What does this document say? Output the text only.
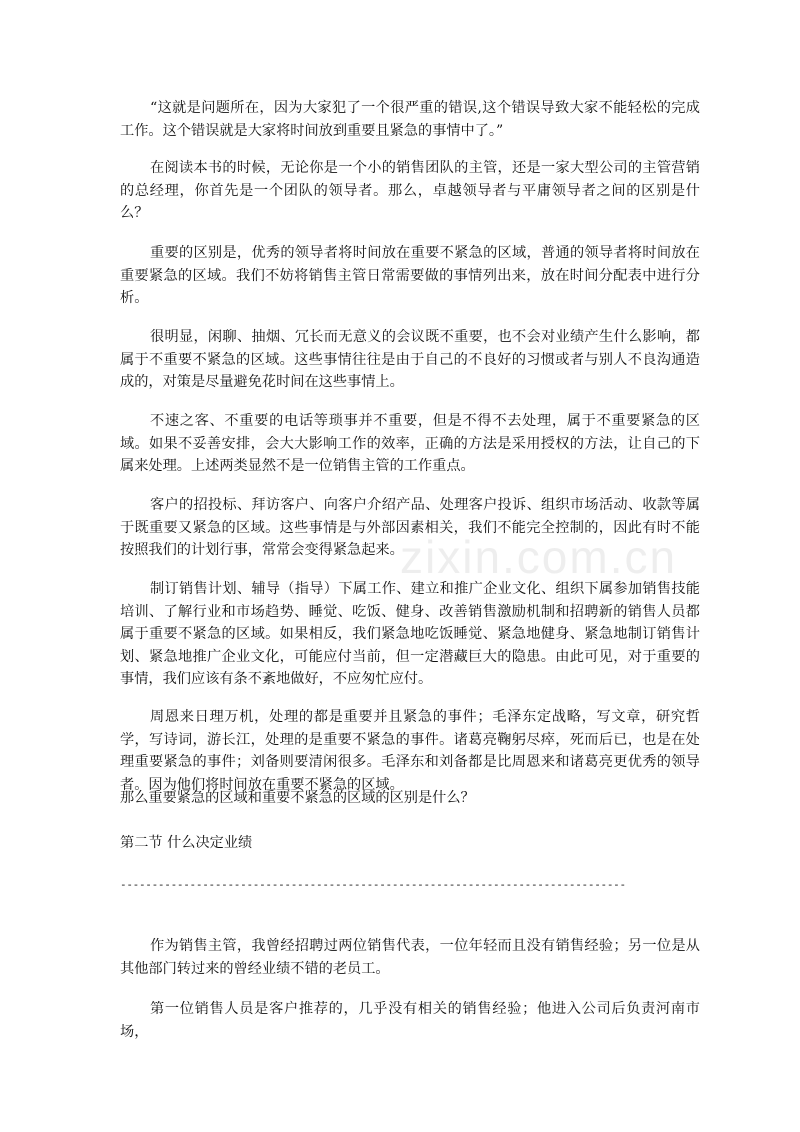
“这就是问题所在，因为大家犯了一个很严重的错误,这个错误导致大家不能轻松的完成工作。这个错误就是大家将时间放到重要且紧急的事情中了。”

在阅读本书的时候，无论你是一个小的销售团队的主管，还是一家大型公司的主管营销的总经理，你首先是一个团队的领导者。那么，卓越领导者与平庸领导者之间的区别是什么？

重要的区别是，优秀的领导者将时间放在重要不紧急的区域，普通的领导者将时间放在重要紧急的区域。我们不妨将销售主管日常需要做的事情列出来，放在时间分配表中进行分析。

很明显，闲聊、抽烟、冗长而无意义的会议既不重要，也不会对业绩产生什么影响，都属于不重要不紧急的区域。这些事情往往是由于自己的不良好的习惯或者与别人不良沟通造成的，对策是尽量避免花时间在这些事情上。

不速之客、不重要的电话等琐事并不重要，但是不得不去处理，属于不重要紧急的区域。如果不妥善安排，会大大影响工作的效率，正确的方法是采用授权的方法，让自己的下属来处理。上述两类显然不是一位销售主管的工作重点。

客户的招投标、拜访客户、向客户介绍产品、处理客户投诉、组织市场活动、收款等属于既重要又紧急的区域。这些事情是与外部因素相关，我们不能完全控制的，因此有时不能按照我们的计划行事，常常会变得紧急起来。

制订销售计划、辅导（指导）下属工作、建立和推广企业文化、组织下属参加销售技能培训、了解行业和市场趋势、睡觉、吃饭、健身、改善销售激励机制和招聘新的销售人员都属于重要不紧急的区域。如果相反，我们紧急地吃饭睡觉、紧急地健身、紧急地制订销售计划、紧急地推广企业文化，可能应付当前，但一定潜藏巨大的隐患。由此可见，对于重要的事情，我们应该有条不紊地做好，不应匆忙应付。

周恩来日理万机，处理的都是重要并且紧急的事件；毛泽东定战略，写文章，研究哲学，写诗词，游长江，处理的是重要不紧急的事件。诸葛亮鞠躬尽瘁，死而后已，也是在处理重要紧急的事件；刘备则要清闲很多。毛泽东和刘备都是比周恩来和诸葛亮更优秀的领导者。因为他们将时间放在重要不紧急的区域。

那么重要紧急的区域和重要不紧急的区域的区别是什么？

第二节 什么决定业绩

--------------------------------------------------------------------------------

作为销售主管，我曾经招聘过两位销售代表，一位年轻而且没有销售经验；另一位是从其他部门转过来的曾经业绩不错的老员工。

第一位销售人员是客户推荐的，几乎没有相关的销售经验；他进入公司后负责河南市场，

zixin.com.cn
